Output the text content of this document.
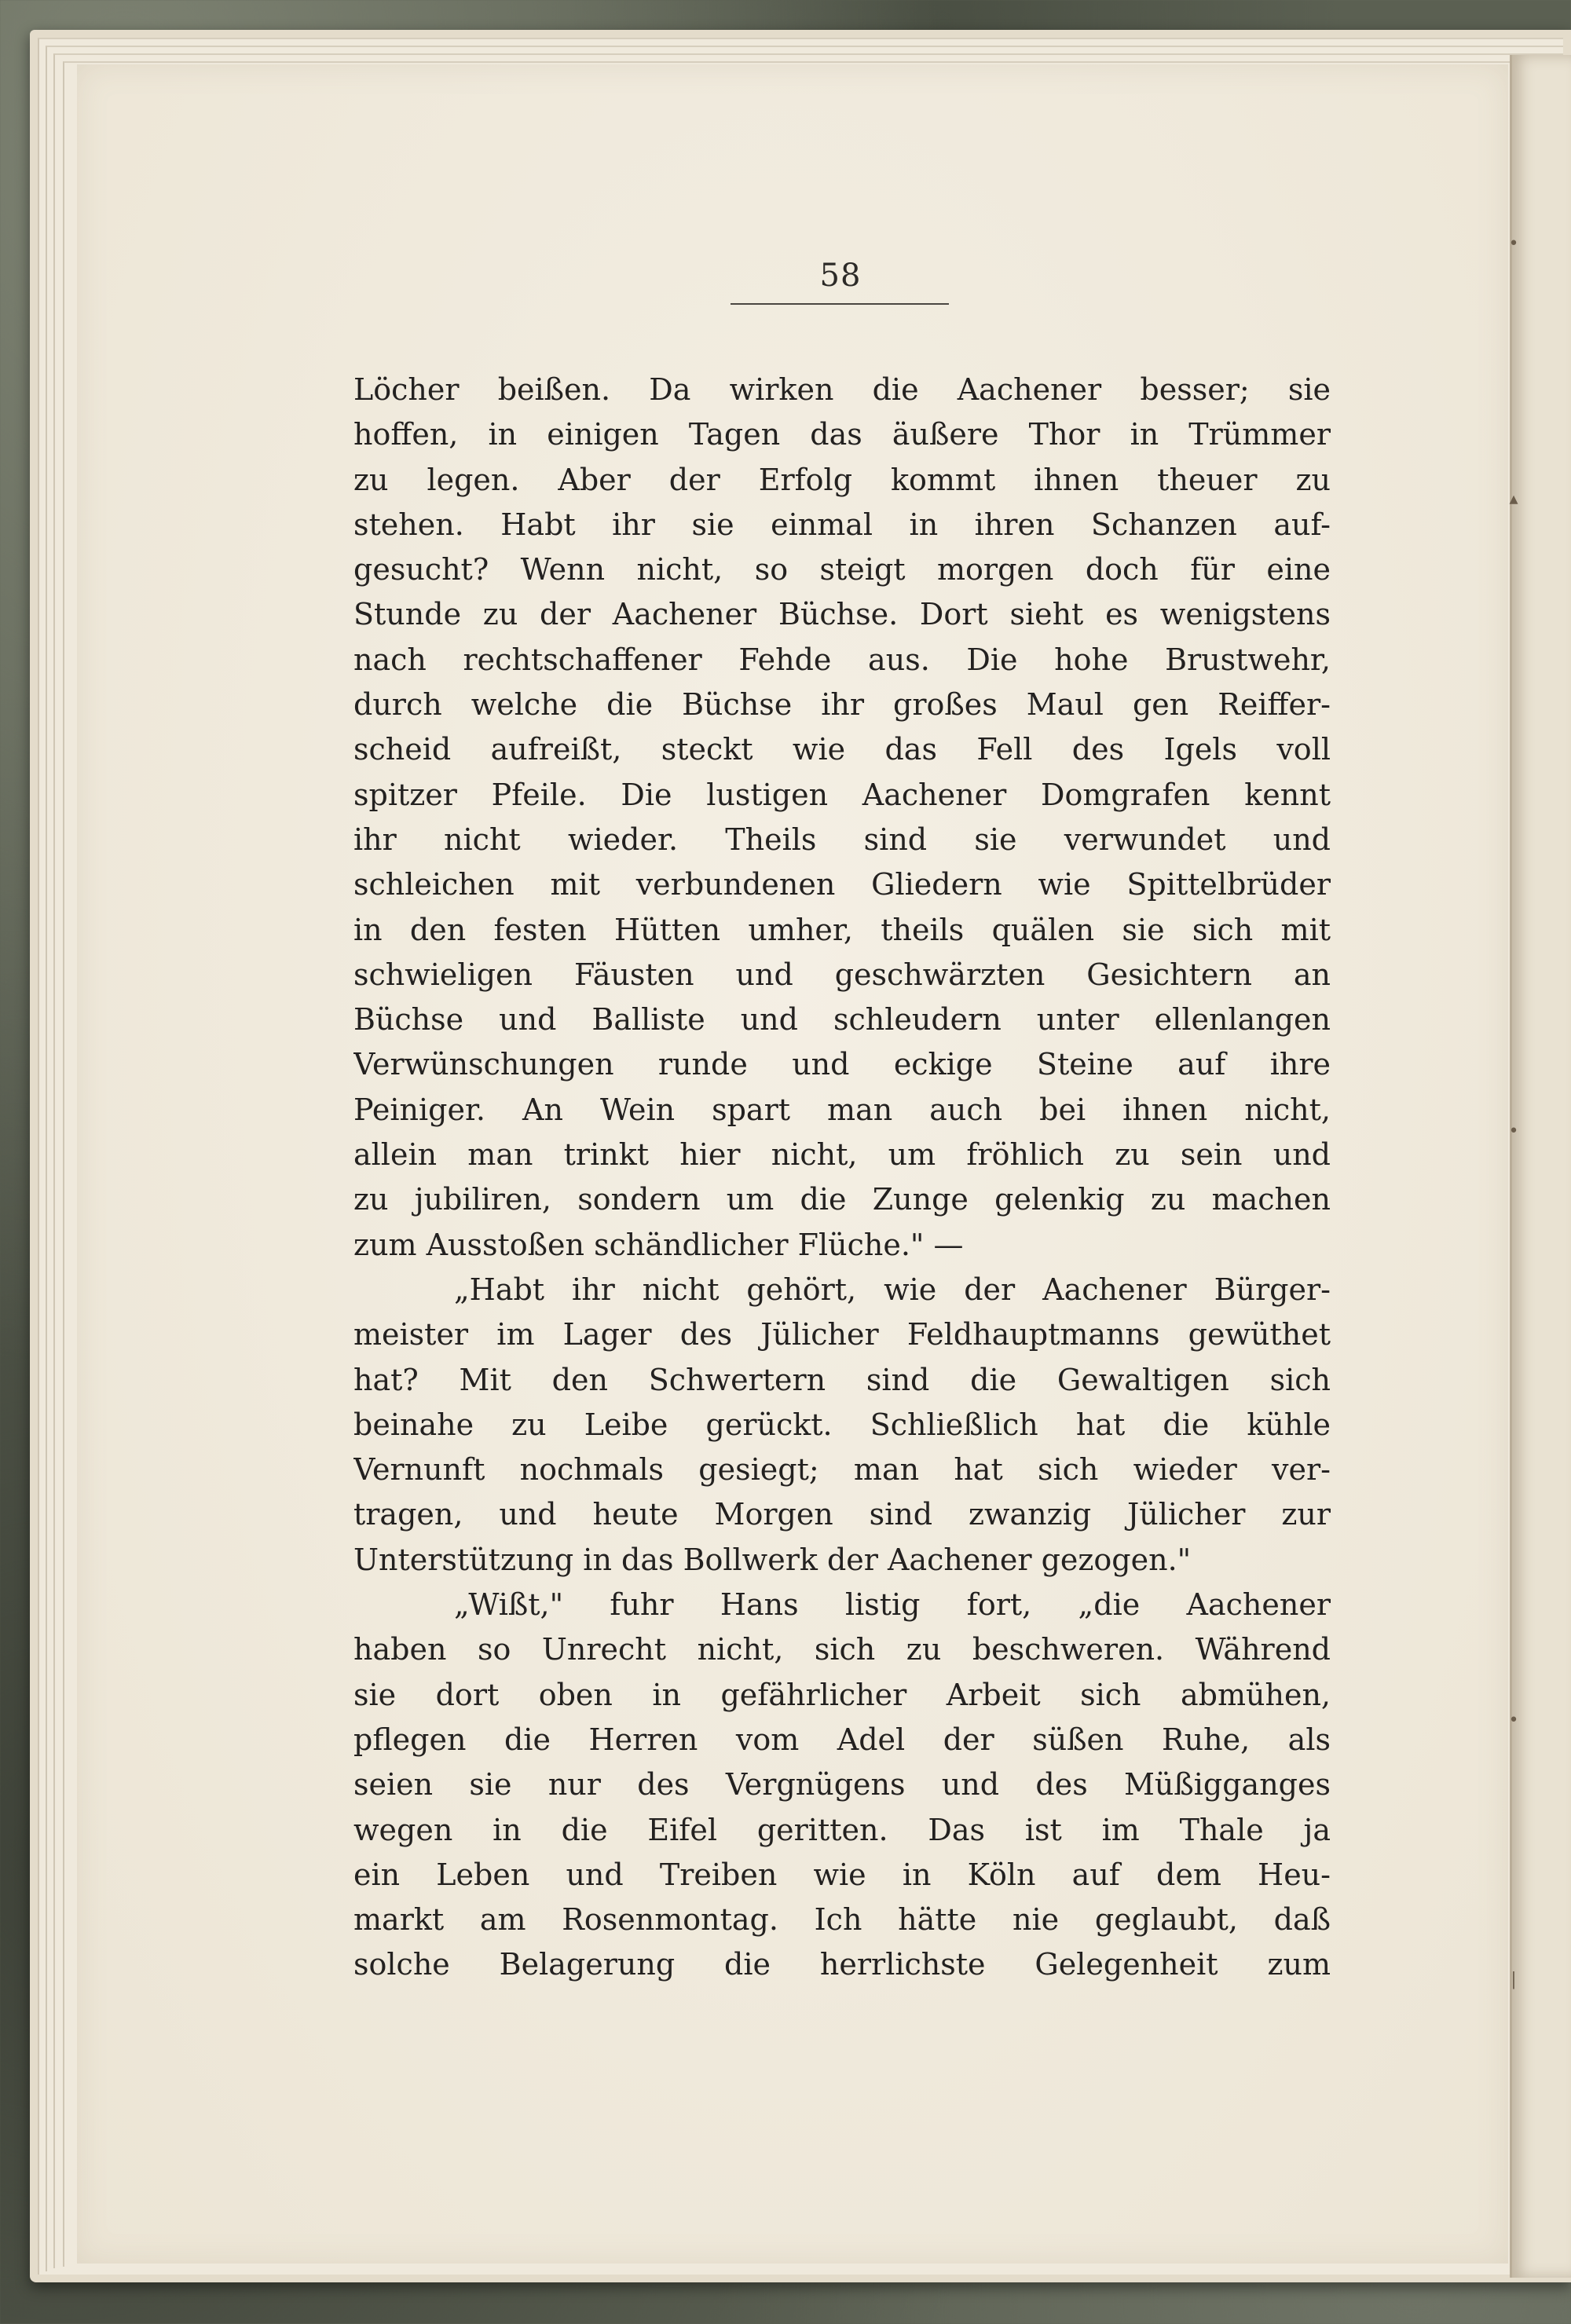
•
▴
•
•
|
58
Löcher beißen. Da wirken die Aachener besser; sie
hoffen, in einigen Tagen das äußere Thor in Trümmer
zu legen. Aber der Erfolg kommt ihnen theuer zu
stehen. Habt ihr sie einmal in ihren Schanzen auf-
gesucht? Wenn nicht, so steigt morgen doch für eine
Stunde zu der Aachener Büchse. Dort sieht es wenigstens
nach rechtschaffener Fehde aus. Die hohe Brustwehr,
durch welche die Büchse ihr großes Maul gen Reiffer-
scheid aufreißt, steckt wie das Fell des Igels voll
spitzer Pfeile. Die lustigen Aachener Domgrafen kennt
ihr nicht wieder. Theils sind sie verwundet und
schleichen mit verbundenen Gliedern wie Spittelbrüder
in den festen Hütten umher, theils quälen sie sich mit
schwieligen Fäusten und geschwärzten Gesichtern an
Büchse und Balliste und schleudern unter ellenlangen
Verwünschungen runde und eckige Steine auf ihre
Peiniger. An Wein spart man auch bei ihnen nicht,
allein man trinkt hier nicht, um fröhlich zu sein und
zu jubiliren, sondern um die Zunge gelenkig zu machen
zum Ausstoßen schändlicher Flüche." —
„Habt ihr nicht gehört, wie der Aachener Bürger-
meister im Lager des Jülicher Feldhauptmanns gewüthet
hat? Mit den Schwertern sind die Gewaltigen sich
beinahe zu Leibe gerückt. Schließlich hat die kühle
Vernunft nochmals gesiegt; man hat sich wieder ver-
tragen, und heute Morgen sind zwanzig Jülicher zur
Unterstützung in das Bollwerk der Aachener gezogen."
„Wißt," fuhr Hans listig fort, „die Aachener
haben so Unrecht nicht, sich zu beschweren. Während
sie dort oben in gefährlicher Arbeit sich abmühen,
pflegen die Herren vom Adel der süßen Ruhe, als
seien sie nur des Vergnügens und des Müßigganges
wegen in die Eifel geritten. Das ist im Thale ja
ein Leben und Treiben wie in Köln auf dem Heu-
markt am Rosenmontag. Ich hätte nie geglaubt, daß
solche Belagerung die herrlichste Gelegenheit zum
